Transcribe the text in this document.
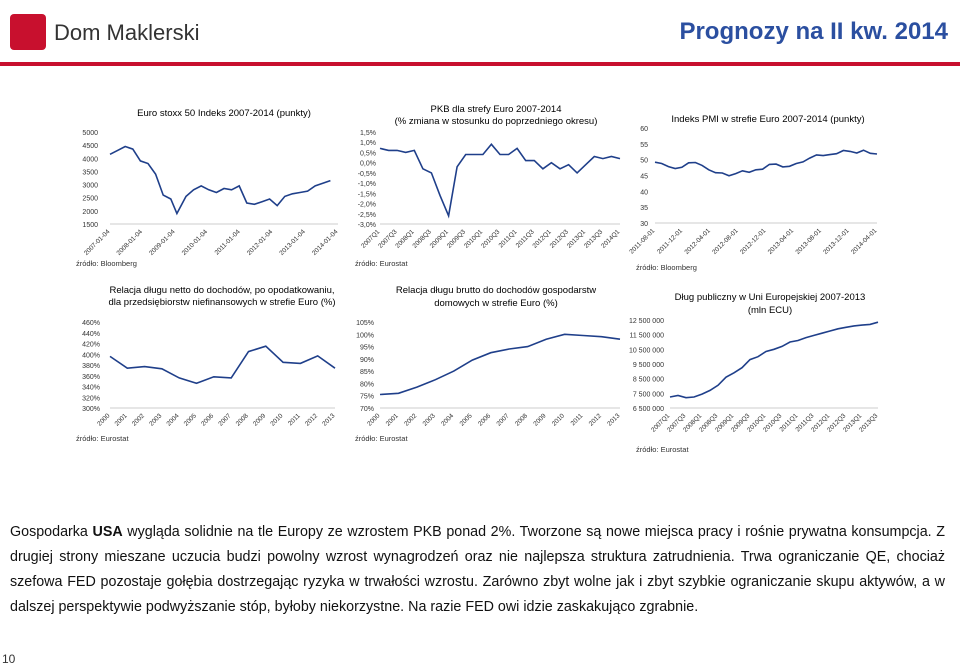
Dom Maklerski	Prognozy na II kw. 2014
Euro stoxx 50 Indeks 2007-2014 (punkty)
5000
4500
4000
3500
3000
2500
2000
1500
2007-01-04 2008-01-04 2009-01-04 2010-01-04 2011-01-04 2012-01-04 2013-01-04 2014-01-04
źródło: Bloomberg
PKB dla strefy Euro 2007-2014
(% zmiana w stosunku do poprzedniego okresu)
1,5%
1,0%
0,5%
0,0%
-0,5%
-1,0%
-1,5%
-2,0%
-2,5%
-3,0%
2007Q1
2007Q3
2008Q1
2008Q3
2009Q1
2009Q3
2010Q1
2010Q3
2011Q1
2011Q3
2012Q1
2012Q3
2013Q1
2013Q3
2014Q1
źródło: Eurostat
Indeks PMI w strefie Euro 2007-2014 (punkty)
60
55
50
45
40
35
30
2011-08-01 2011-12-01 2012-04-01 2012-08-01 2012-12-01 2013-04-01 2013-08-01 2013-12-01 2014-04-01
źródło: Bloomberg
Relacja długu netto do dochodów, po opodatkowaniu,
dla przedsiębiorstw niefinansowych w strefie Euro (%)
460%
440%
420%
400%
380%
360%
340%
320%
300%
2000 2001 2002 2003 2004 2005 2006 2007 2008 2009 2010 2011 2012 2013
źródło: Eurostat
Relacja długu brutto do dochodów gospodarstw
domowych w strefie Euro (%)
105%
100%
95%
90%
85%
80%
75%
70%
2000 2001 2002 2003 2004 2005 2006 2007 2008 2009 2010 2011 2012 2013
źródło: Eurostat
Dług publiczny w Uni Europejskiej 2007-2013
(mln ECU)
12 500 000
11 500 000
10 500 000
9 500 000
8 500 000
7 500 000
6 500 000
2007Q1
2007Q3
2008Q1
2008Q3
2009Q1
2009Q3
2010Q1
2010Q3
2011Q1
2011Q3
2012Q1
2012Q3
2013Q1
2013Q3
źródło: Eurostat
Gospodarka USA wygląda solidnie na tle Europy ze wzrostem PKB ponad 2%. Tworzone są nowe miejsca pracy i rośnie prywatna konsumpcja. Z drugiej strony mieszane uczucia budzi powolny wzrost wynagrodzeń oraz nie najlepsza struktura zatrudnienia. Trwa ograniczanie QE, chociaż szefowa FED pozostaje gołębia dostrzegając ryzyka w trwałości wzrostu. Zarówno zbyt wolne jak i zbyt szybkie ograniczanie skupu aktywów, a w dalszej perspektywie podwyższanie stóp, byłoby niekorzystne. Na razie FED owi idzie zaskakująco zgrabnie.
10
